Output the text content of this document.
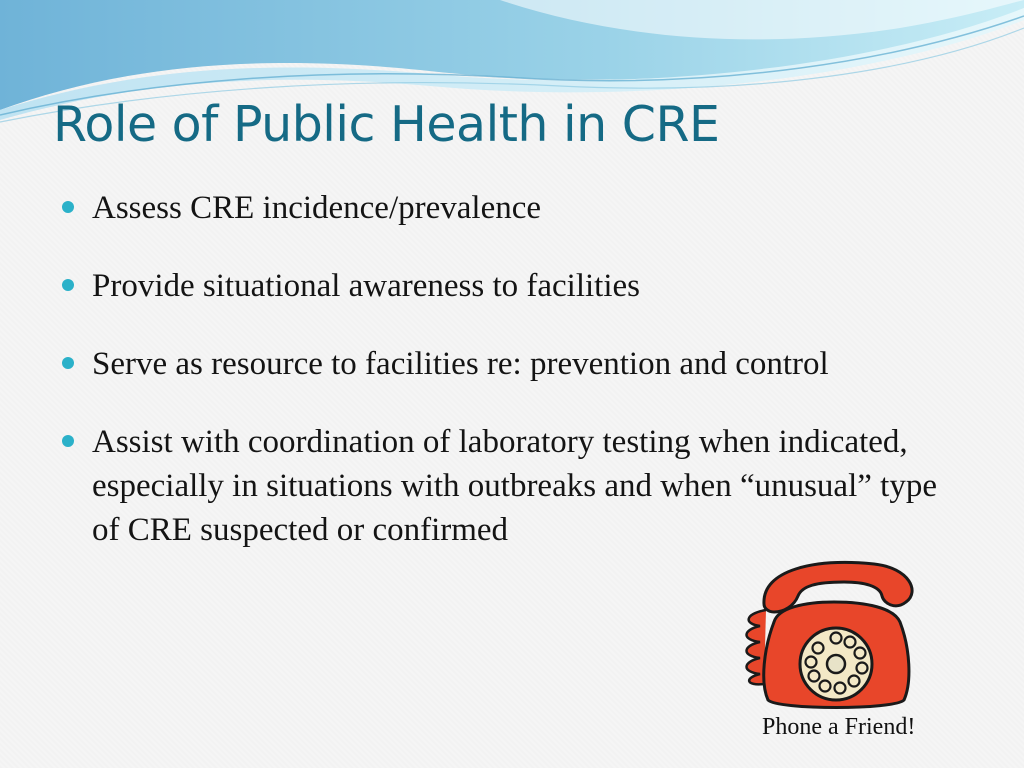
Role of Public Health in CRE
Assess CRE incidence/prevalence
Provide situational awareness to facilities
Serve as resource to facilities re: prevention and control
Assist with coordination of laboratory testing when indicated, especially in situations with outbreaks and when “unusual” type of CRE suspected or confirmed
Phone a Friend!
